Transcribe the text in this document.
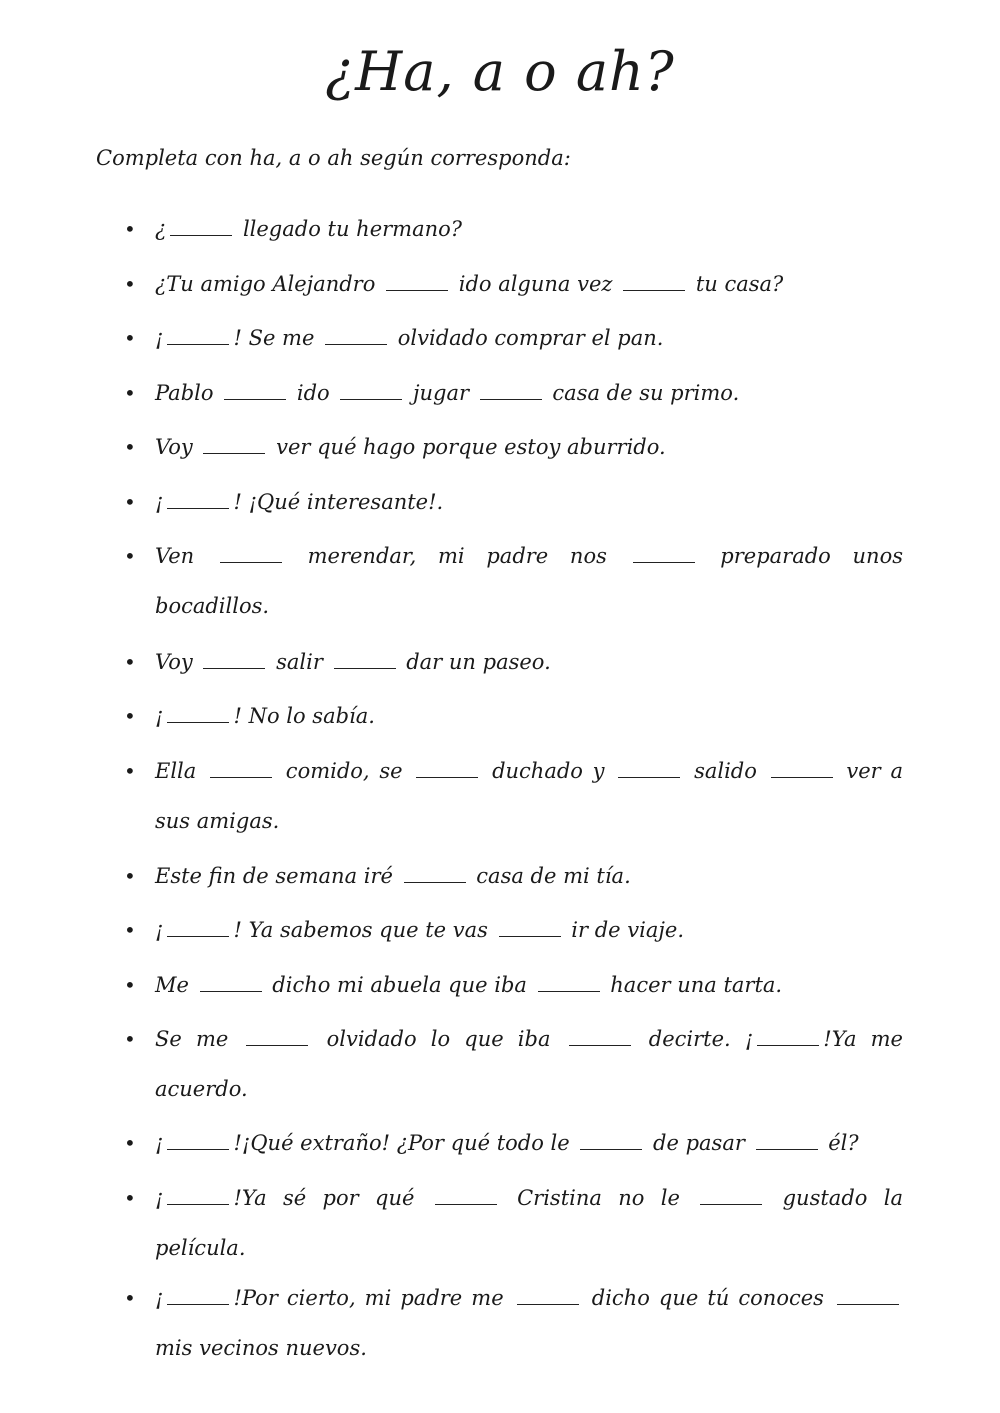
¿Ha, a o ah?
Completa con ha, a o ah según corresponda:
• ¿	llegado tu hermano?
• ¿Tu amigo Alejandro	ido alguna vez	tu casa?
• ¡	! Se me	olvidado comprar el pan.
• Pablo	ido	jugar	casa de su primo.
• Voy	ver qué hago porque estoy aburrido.
• ¡	! ¡Qué interesante!.
• Ven	merendar, mi padre nos	preparado unos bocadillos.
• Voy	salir	dar un paseo.
• ¡	! No lo sabía.
• Ella	comido, se	duchado y	salido	ver a sus amigas.
• Este fin de semana iré	casa de mi tía.
• ¡	! Ya sabemos que te vas	ir de viaje.
• Me	dicho mi abuela que iba	hacer una tarta.
• Se me	olvidado lo que iba	decirte. ¡	!Ya me acuerdo.
• ¡	!¡Qué extraño! ¿Por qué todo le	de pasar	él?
• ¡	!Ya sé por qué	Cristina no le	gustado la película.
• ¡	!Por cierto, mi padre me	dicho que tú conoces  mis vecinos nuevos.
